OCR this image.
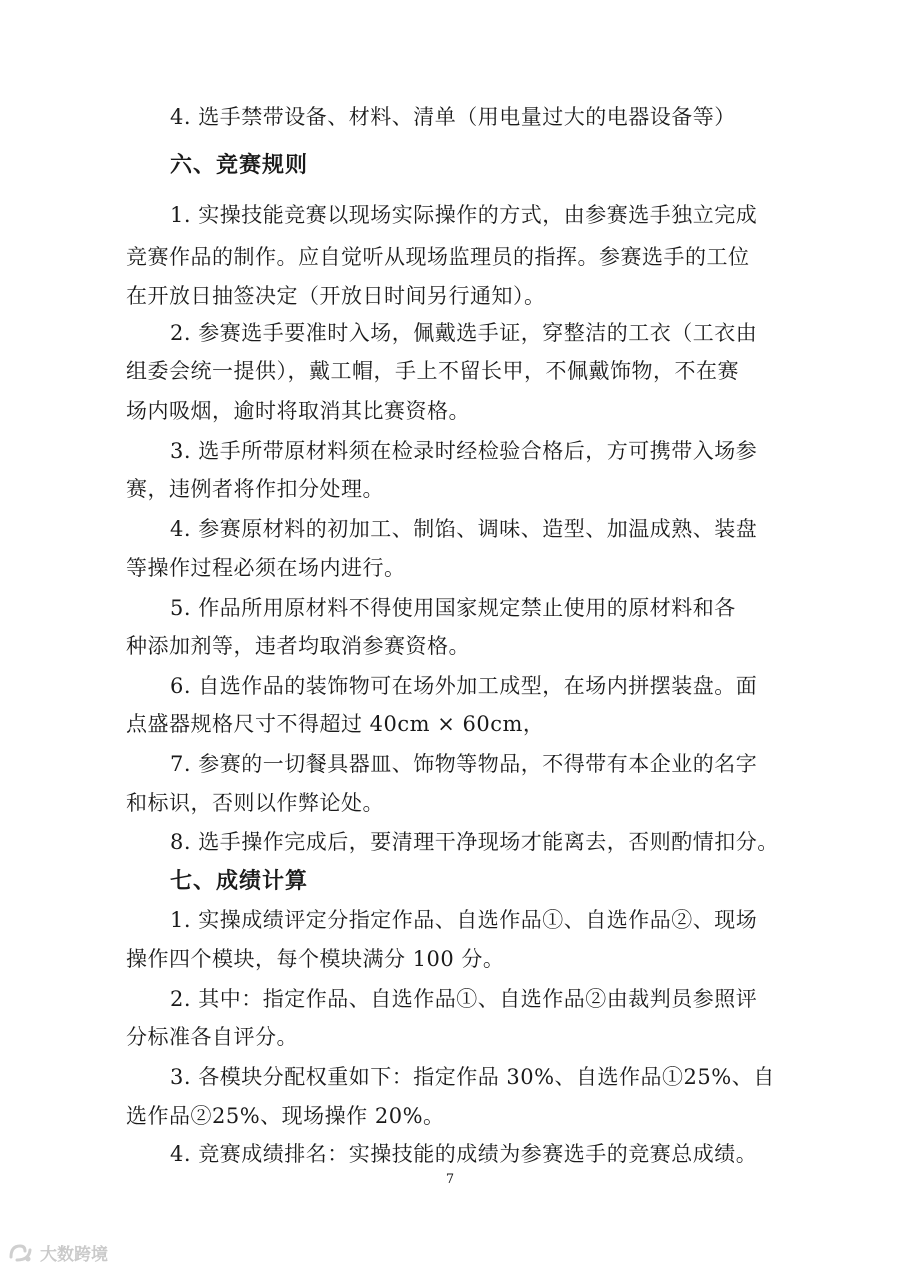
4. 选手禁带设备、材料、清单（用电量过大的电器设备等）
六、竞赛规则
1. 实操技能竞赛以现场实际操作的方式，由参赛选手独立完成
竞赛作品的制作。应自觉听从现场监理员的指挥。参赛选手的工位
在开放日抽签决定（开放日时间另行通知）。
2. 参赛选手要准时入场，佩戴选手证，穿整洁的工衣（工衣由
组委会统一提供），戴工帽，手上不留长甲，不佩戴饰物，不在赛
场内吸烟，逾时将取消其比赛资格。
3. 选手所带原材料须在检录时经检验合格后，方可携带入场参
赛，违例者将作扣分处理。
4. 参赛原材料的初加工、制馅、调味、造型、加温成熟、装盘
等操作过程必须在场内进行。
5. 作品所用原材料不得使用国家规定禁止使用的原材料和各
种添加剂等，违者均取消参赛资格。
6. 自选作品的装饰物可在场外加工成型，在场内拼摆装盘。面
点盛器规格尺寸不得超过 40cm × 60cm，
7. 参赛的一切餐具器皿、饰物等物品，不得带有本企业的名字
和标识，否则以作弊论处。
8. 选手操作完成后，要清理干净现场才能离去，否则酌情扣分。
七、成绩计算
1. 实操成绩评定分指定作品、自选作品①、自选作品②、现场
操作四个模块，每个模块满分 100 分。
2. 其中：指定作品、自选作品①、自选作品②由裁判员参照评
分标准各自评分。
3. 各模块分配权重如下：指定作品 30%、自选作品①25%、自
选作品②25%、现场操作 20%。
4. 竞赛成绩排名：实操技能的成绩为参赛选手的竞赛总成绩。
7
大数跨境
